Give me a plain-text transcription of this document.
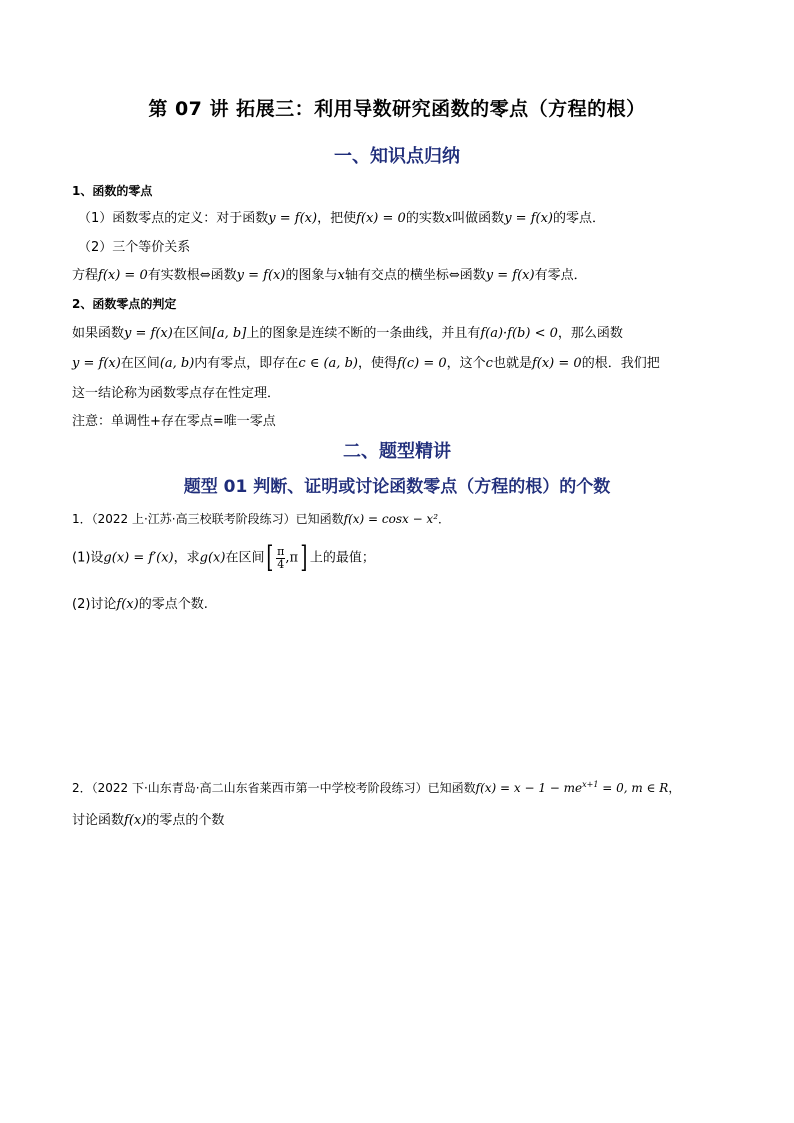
第 07 讲 拓展三：利用导数研究函数的零点（方程的根）
一、知识点归纳
1、函数的零点
（1）函数零点的定义：对于函数y = f(x)，把使f(x) = 0的实数x叫做函数y = f(x)的零点．
（2）三个等价关系
方程f(x) = 0有实数根⇔函数y = f(x)的图象与x轴有交点的横坐标⇔函数y = f(x)有零点．
2、函数零点的判定
如果函数y = f(x)在区间[a, b]上的图象是连续不断的一条曲线，并且有f(a)·f(b) < 0，那么函数
y = f(x)在区间(a, b)内有零点，即存在c ∈ (a, b)，使得f(c) = 0，这个c也就是f(x) = 0的根．我们把
这一结论称为函数零点存在性定理．
注意：单调性+存在零点=唯一零点
二、题型精讲
题型 01 判断、证明或讨论函数零点（方程的根）的个数
1．（2022 上·江苏·高三校联考阶段练习）已知函数f(x) = cosx − x²．
(1)设g(x) = f′(x)，求g(x)在区间[ $\frac{\pi}{4} ,\pi$] 上的最值；
(2)讨论f(x)的零点个数.
2．（2022 下·山东青岛·高二山东省莱西市第一中学校考阶段练习）已知函数$f(x) = x - 1 - me^{x+1} = 0$, m ∈ R，
讨论函数f(x)的零点的个数
